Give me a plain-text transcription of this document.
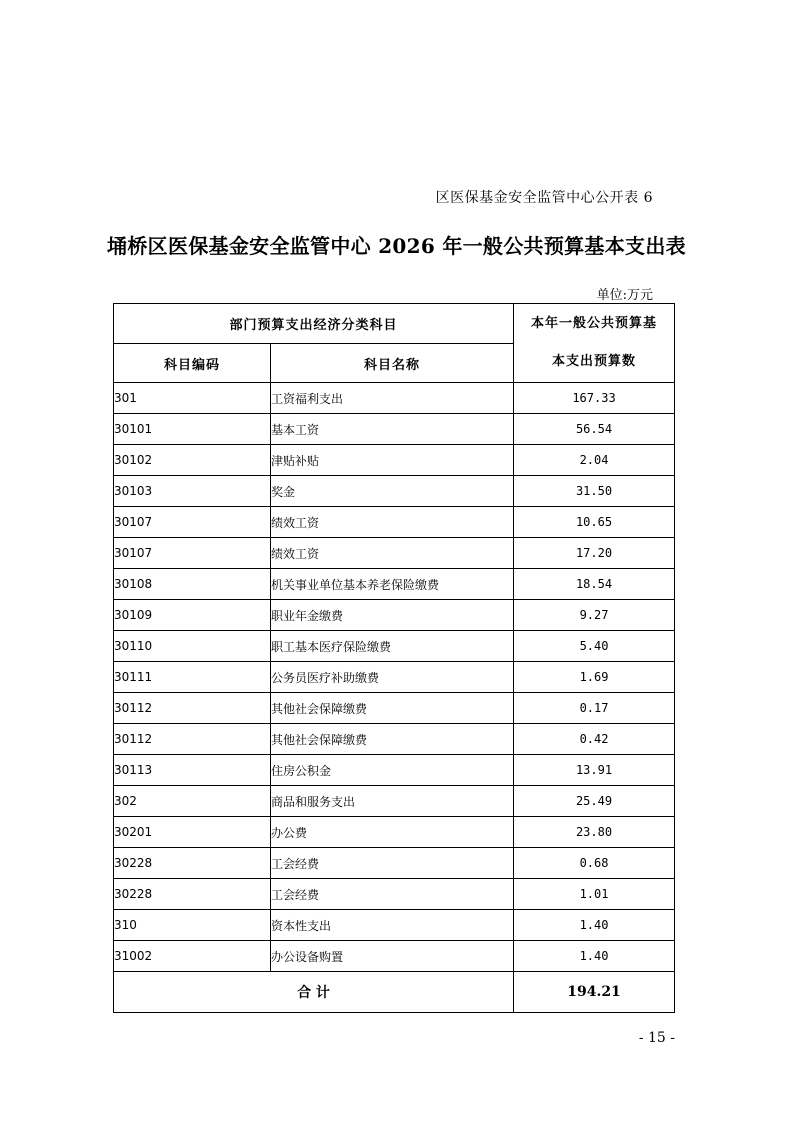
区医保基金安全监管中心公开表 6
埇桥区医保基金安全监管中心 2026 年一般公共预算基本支出表
单位:万元
部门预算支出经济分类科目		本年一般公共预算基
本支出预算数

科目编码	科目名称	
301	工资福利支出	167.33
30101	基本工资	56.54
30102	津贴补贴	2.04
30103	奖金	31.50
30107	绩效工资	10.65
30107	绩效工资	17.20
30108	机关事业单位基本养老保险缴费	18.54
30109	职业年金缴费	9.27
30110	职工基本医疗保险缴费	5.40
30111	公务员医疗补助缴费	1.69
30112	其他社会保障缴费	0.17
30112	其他社会保障缴费	0.42
30113	住房公积金	13.91
302	商品和服务支出	25.49
30201	办公费	23.80
30228	工会经费	0.68
30228	工会经费	1.01
310	资本性支出	1.40
31002	办公设备购置	1.40
合 计		194.21
- 15 -
